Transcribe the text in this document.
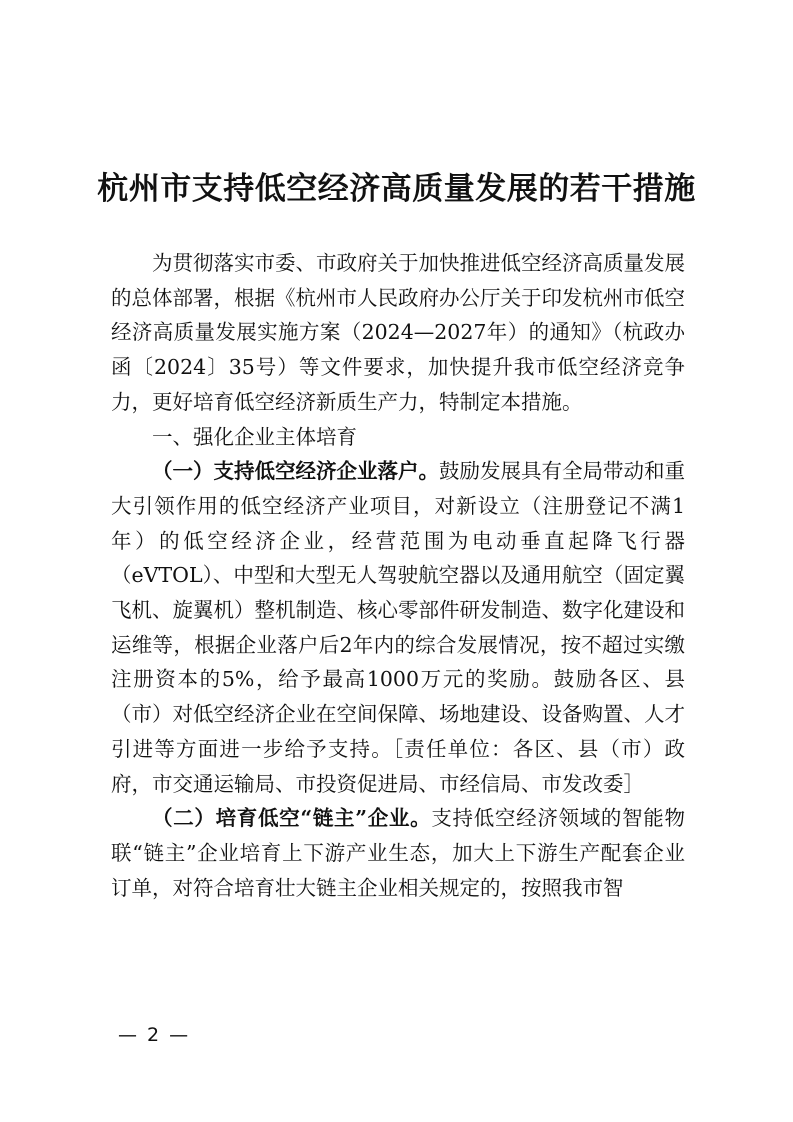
杭州市支持低空经济高质量发展的若干措施

为贯彻落实市委、市政府关于加快推进低空经济高质量发展的总体部署，根据《杭州市人民政府办公厅关于印发杭州市低空经济高质量发展实施方案（2024—2027年）的通知》（杭政办函〔2024〕35号）等文件要求，加快提升我市低空经济竞争力，更好培育低空经济新质生产力，特制定本措施。

一、强化企业主体培育

（一）支持低空经济企业落户。鼓励发展具有全局带动和重大引领作用的低空经济产业项目，对新设立（注册登记不满1年）的低空经济企业，经营范围为电动垂直起降飞行器（eVTOL）、中型和大型无人驾驶航空器以及通用航空（固定翼飞机、旋翼机）整机制造、核心零部件研发制造、数字化建设和运维等，根据企业落户后2年内的综合发展情况，按不超过实缴注册资本的5%，给予最高1000万元的奖励。鼓励各区、县（市）对低空经济企业在空间保障、场地建设、设备购置、人才引进等方面进一步给予支持。［责任单位：各区、县（市）政府，市交通运输局、市投资促进局、市经信局、市发改委］

（二）培育低空“链主”企业。支持低空经济领域的智能物联“链主”企业培育上下游产业生态，加大上下游生产配套企业订单，对符合培育壮大链主企业相关规定的，按照我市智

— 2 —
